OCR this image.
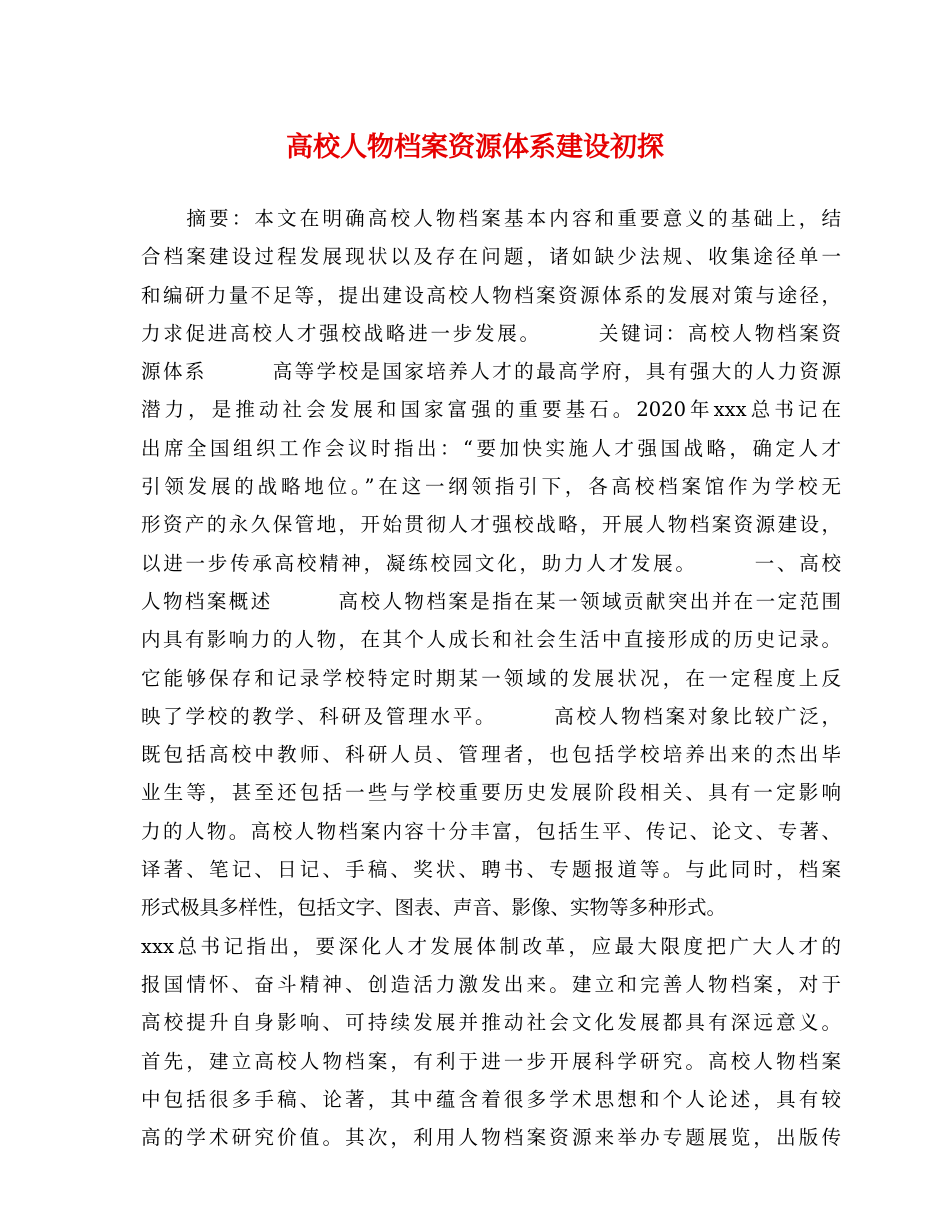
高校人物档案资源体系建设初探
　　摘要：本文在明确高校人物档案基本内容和重要意义的基础上，结
合档案建设过程发展现状以及存在问题，诸如缺少法规、收集途径单一
和编研力量不足等，提出建设高校人物档案资源体系的发展对策与途径，
力求促进高校人才强校战略进一步发展。　　　关键词：高校人物档案资
源体系　　　高等学校是国家培养人才的最高学府，具有强大的人力资源
潜力，是推动社会发展和国家富强的重要基石。2020年xxx总书记在
出席全国组织工作会议时指出：“要加快实施人才强国战略，确定人才
引领发展的战略地位。”在这一纲领指引下，各高校档案馆作为学校无
形资产的永久保管地，开始贯彻人才强校战略，开展人物档案资源建设，
以进一步传承高校精神，凝练校园文化，助力人才发展。　　　一、高校
人物档案概述　　　高校人物档案是指在某一领域贡献突出并在一定范围
内具有影响力的人物，在其个人成长和社会生活中直接形成的历史记录。
它能够保存和记录学校特定时期某一领域的发展状况，在一定程度上反
映了学校的教学、科研及管理水平。　　　高校人物档案对象比较广泛，
既包括高校中教师、科研人员、管理者，也包括学校培养出来的杰出毕
业生等，甚至还包括一些与学校重要历史发展阶段相关、具有一定影响
力的人物。高校人物档案内容十分丰富，包括生平、传记、论文、专著、
译著、笔记、日记、手稿、奖状、聘书、专题报道等。与此同时，档案
形式极具多样性，包括文字、图表、声音、影像、实物等多种形式。
xxx总书记指出，要深化人才发展体制改革，应最大限度把广大人才的
报国情怀、奋斗精神、创造活力激发出来。建立和完善人物档案，对于
高校提升自身影响、可持续发展并推动社会文化发展都具有深远意义。
首先，建立高校人物档案，有利于进一步开展科学研究。高校人物档案
中包括很多手稿、论著，其中蕴含着很多学术思想和个人论述，具有较
高的学术研究价值。其次，利用人物档案资源来举办专题展览，出版传
